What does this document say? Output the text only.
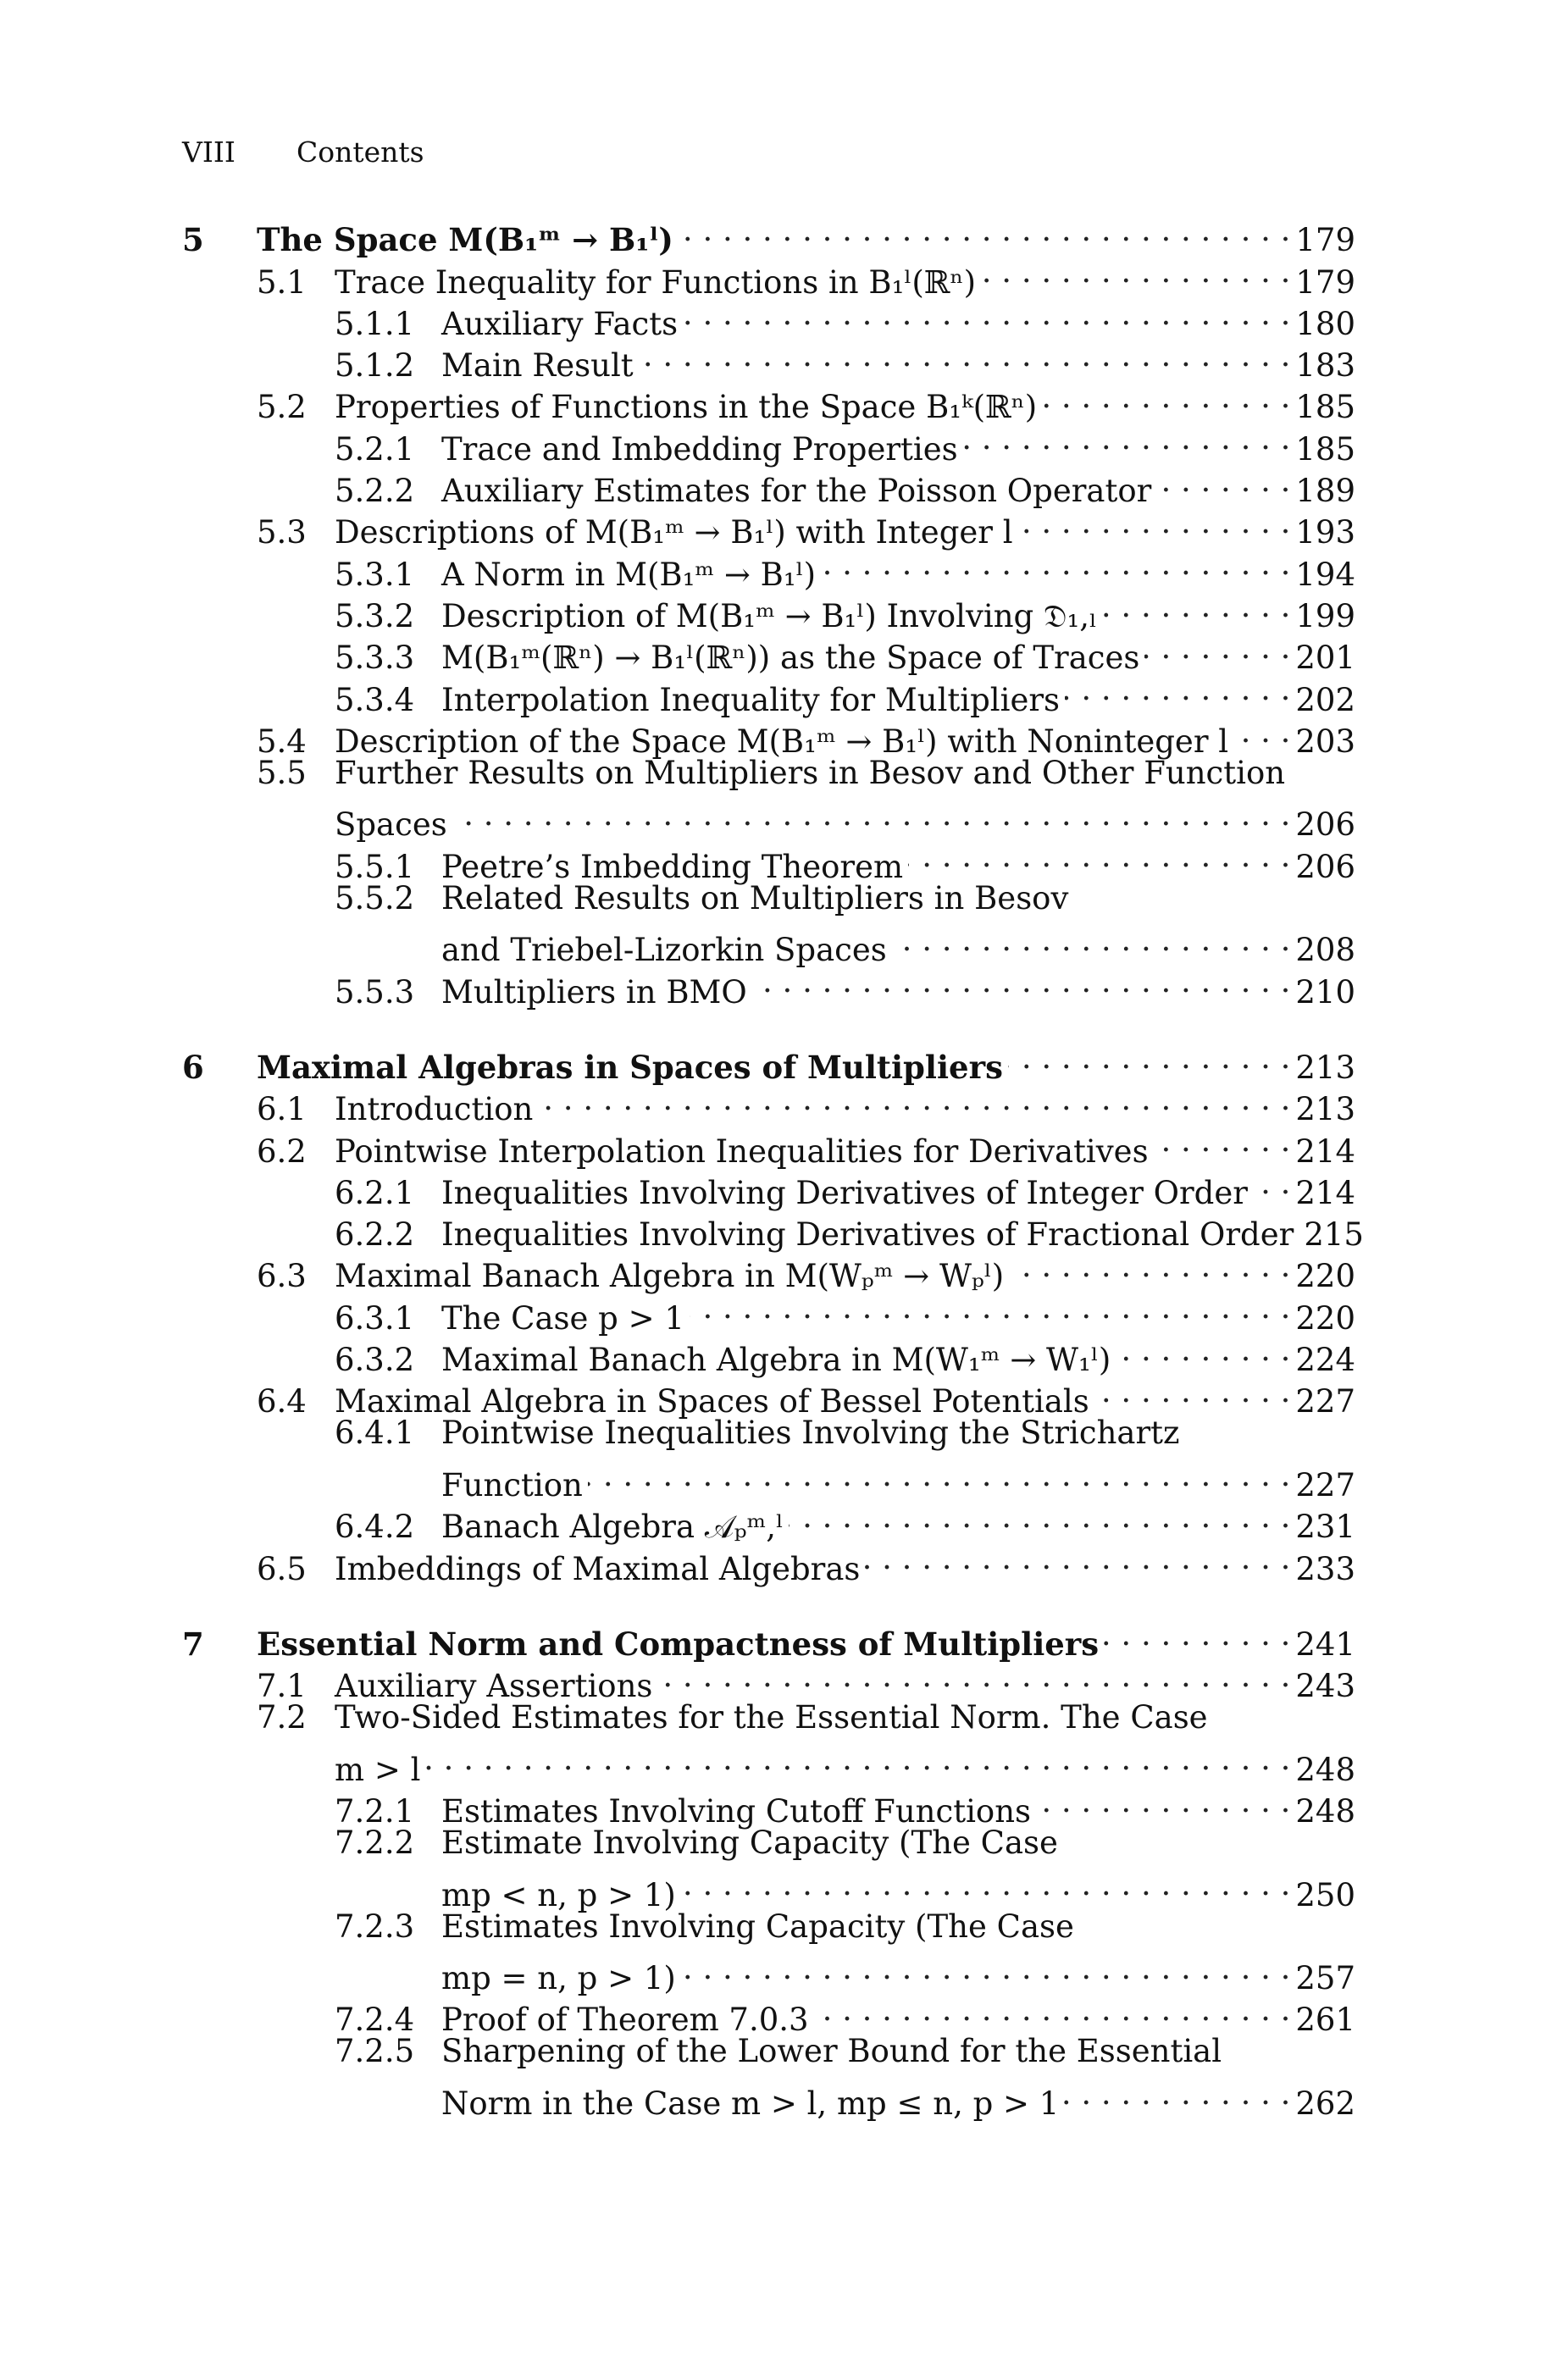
VIII Contents
5	The Space M(B₁ᵐ → B₁ˡ) . . .	179
5.1 Trace Inequality for Functions in B₁ˡ(ℝⁿ) . . .	179
5.1.1 Auxiliary Facts . . .	180
5.1.2 Main Result . . .	183
5.2 Properties of Functions in the Space B₁ᵏ(ℝⁿ) . . .	185
5.2.1 Trace and Imbedding Properties . . .	185
5.2.2 Auxiliary Estimates for the Poisson Operator . . .	189
5.3 Descriptions of M(B₁ᵐ → B₁ˡ) with Integer l . . .	193
5.3.1 A Norm in M(B₁ᵐ → B₁ˡ) . . .	194
5.3.2 Description of M(B₁ᵐ → B₁ˡ) Involving 𝔇₁,ₗ . . .	199
5.3.3 M(B₁ᵐ(ℝⁿ) → B₁ˡ(ℝⁿ)) as the Space of Traces . . .	201
5.3.4 Interpolation Inequality for Multipliers . . .	202
5.4 Description of the Space M(B₁ᵐ → B₁ˡ) with Noninteger l . . . 203
5.5 Further Results on Multipliers in Besov and Other Function
Spaces . . .	206
5.5.1 Peetre’s Imbedding Theorem . . .	206
5.5.2 Related Results on Multipliers in Besov
and Triebel-Lizorkin Spaces . . .	208
5.5.3 Multipliers in BMO . . .	210
6	Maximal Algebras in Spaces of Multipliers . . .	213
6.1 Introduction . . .	213
6.2 Pointwise Interpolation Inequalities for Derivatives . . .	214
6.2.1 Inequalities Involving Derivatives of Integer Order . . . 214
6.2.2 Inequalities Involving Derivatives of Fractional Order 215
6.3 Maximal Banach Algebra in M(Wₚᵐ → Wₚˡ) . . .	220
6.3.1 The Case p > 1 . . .	220
6.3.2 Maximal Banach Algebra in M(W₁ᵐ → W₁ˡ) . . .	224
6.4 Maximal Algebra in Spaces of Bessel Potentials . . .	227
6.4.1 Pointwise Inequalities Involving the Strichartz
Function . . .	227
6.4.2 Banach Algebra 𝒜ₚᵐ,ˡ . . .	231
6.5 Imbeddings of Maximal Algebras . . .	233
7	Essential Norm and Compactness of Multipliers . . .	241
7.1 Auxiliary Assertions . . .	243
7.2 Two-Sided Estimates for the Essential Norm. The Case
m > l . . .	248
7.2.1 Estimates Involving Cutoff Functions . . .	248
7.2.2 Estimate Involving Capacity (The Case
mp < n, p > 1) . . .	250
7.2.3 Estimates Involving Capacity (The Case
mp = n, p > 1) . . .	257
7.2.4 Proof of Theorem 7.0.3 . . .	261
7.2.5 Sharpening of the Lower Bound for the Essential
Norm in the Case m > l, mp ≤ n, p > 1 . . .	262
